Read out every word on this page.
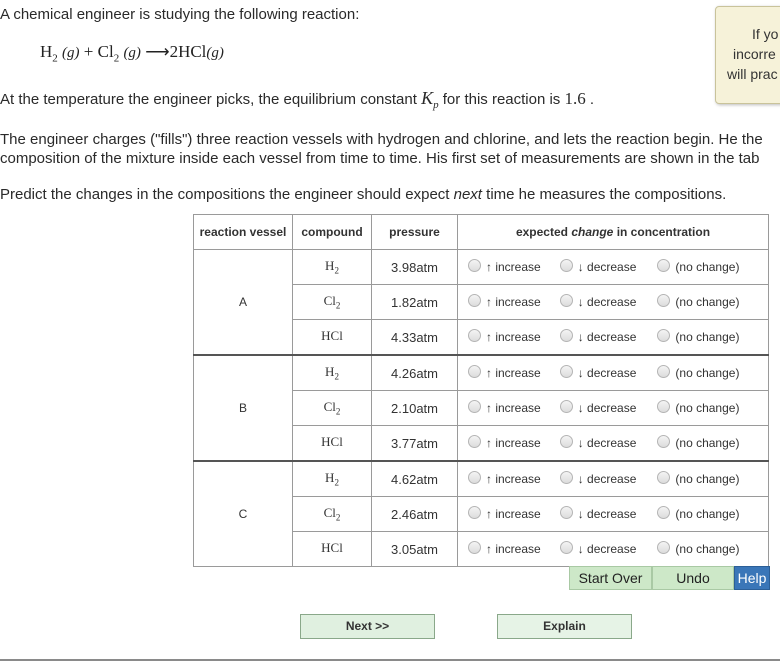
A chemical engineer is studying the following reaction:
$H_2$ $(g) + Cl_2$ (g) ⟶2HCl(g)
At the temperature the engineer picks, the equilibrium constant $K_p$ for this reaction is 1.6 .
The engineer charges ("fills") three reaction vessels with hydrogen and chlorine, and lets the reaction begin. He the
composition of the mixture inside each vessel from time to time. His first set of measurements are shown in the tab
Predict the changes in the compositions the engineer should expect next time he measures the compositions.
If yo
incorre
will prac
reaction vessel	compound	pressure	expected change in concentration
A	$H_2$	3.98atm	↑ increase ↓ decrease (no change)
	$Cl_2$	1.82atm	↑ increase ↓ decrease (no change)
	HCl	4.33atm	↑ increase ↓ decrease (no change)
B	$H_2$	4.26atm	↑ increase ↓ decrease (no change)
	$Cl_2$	2.10atm	↑ increase ↓ decrease (no change)
	HCl	3.77atm	↑ increase ↓ decrease (no change)
C	$H_2$	4.62atm	↑ increase ↓ decrease (no change)
	$Cl_2$	2.46atm	↑ increase ↓ decrease (no change)
	HCl	3.05atm	↑ increase ↓ decrease (no change)
Start Over	Undo	Help
Next >>	Explain
